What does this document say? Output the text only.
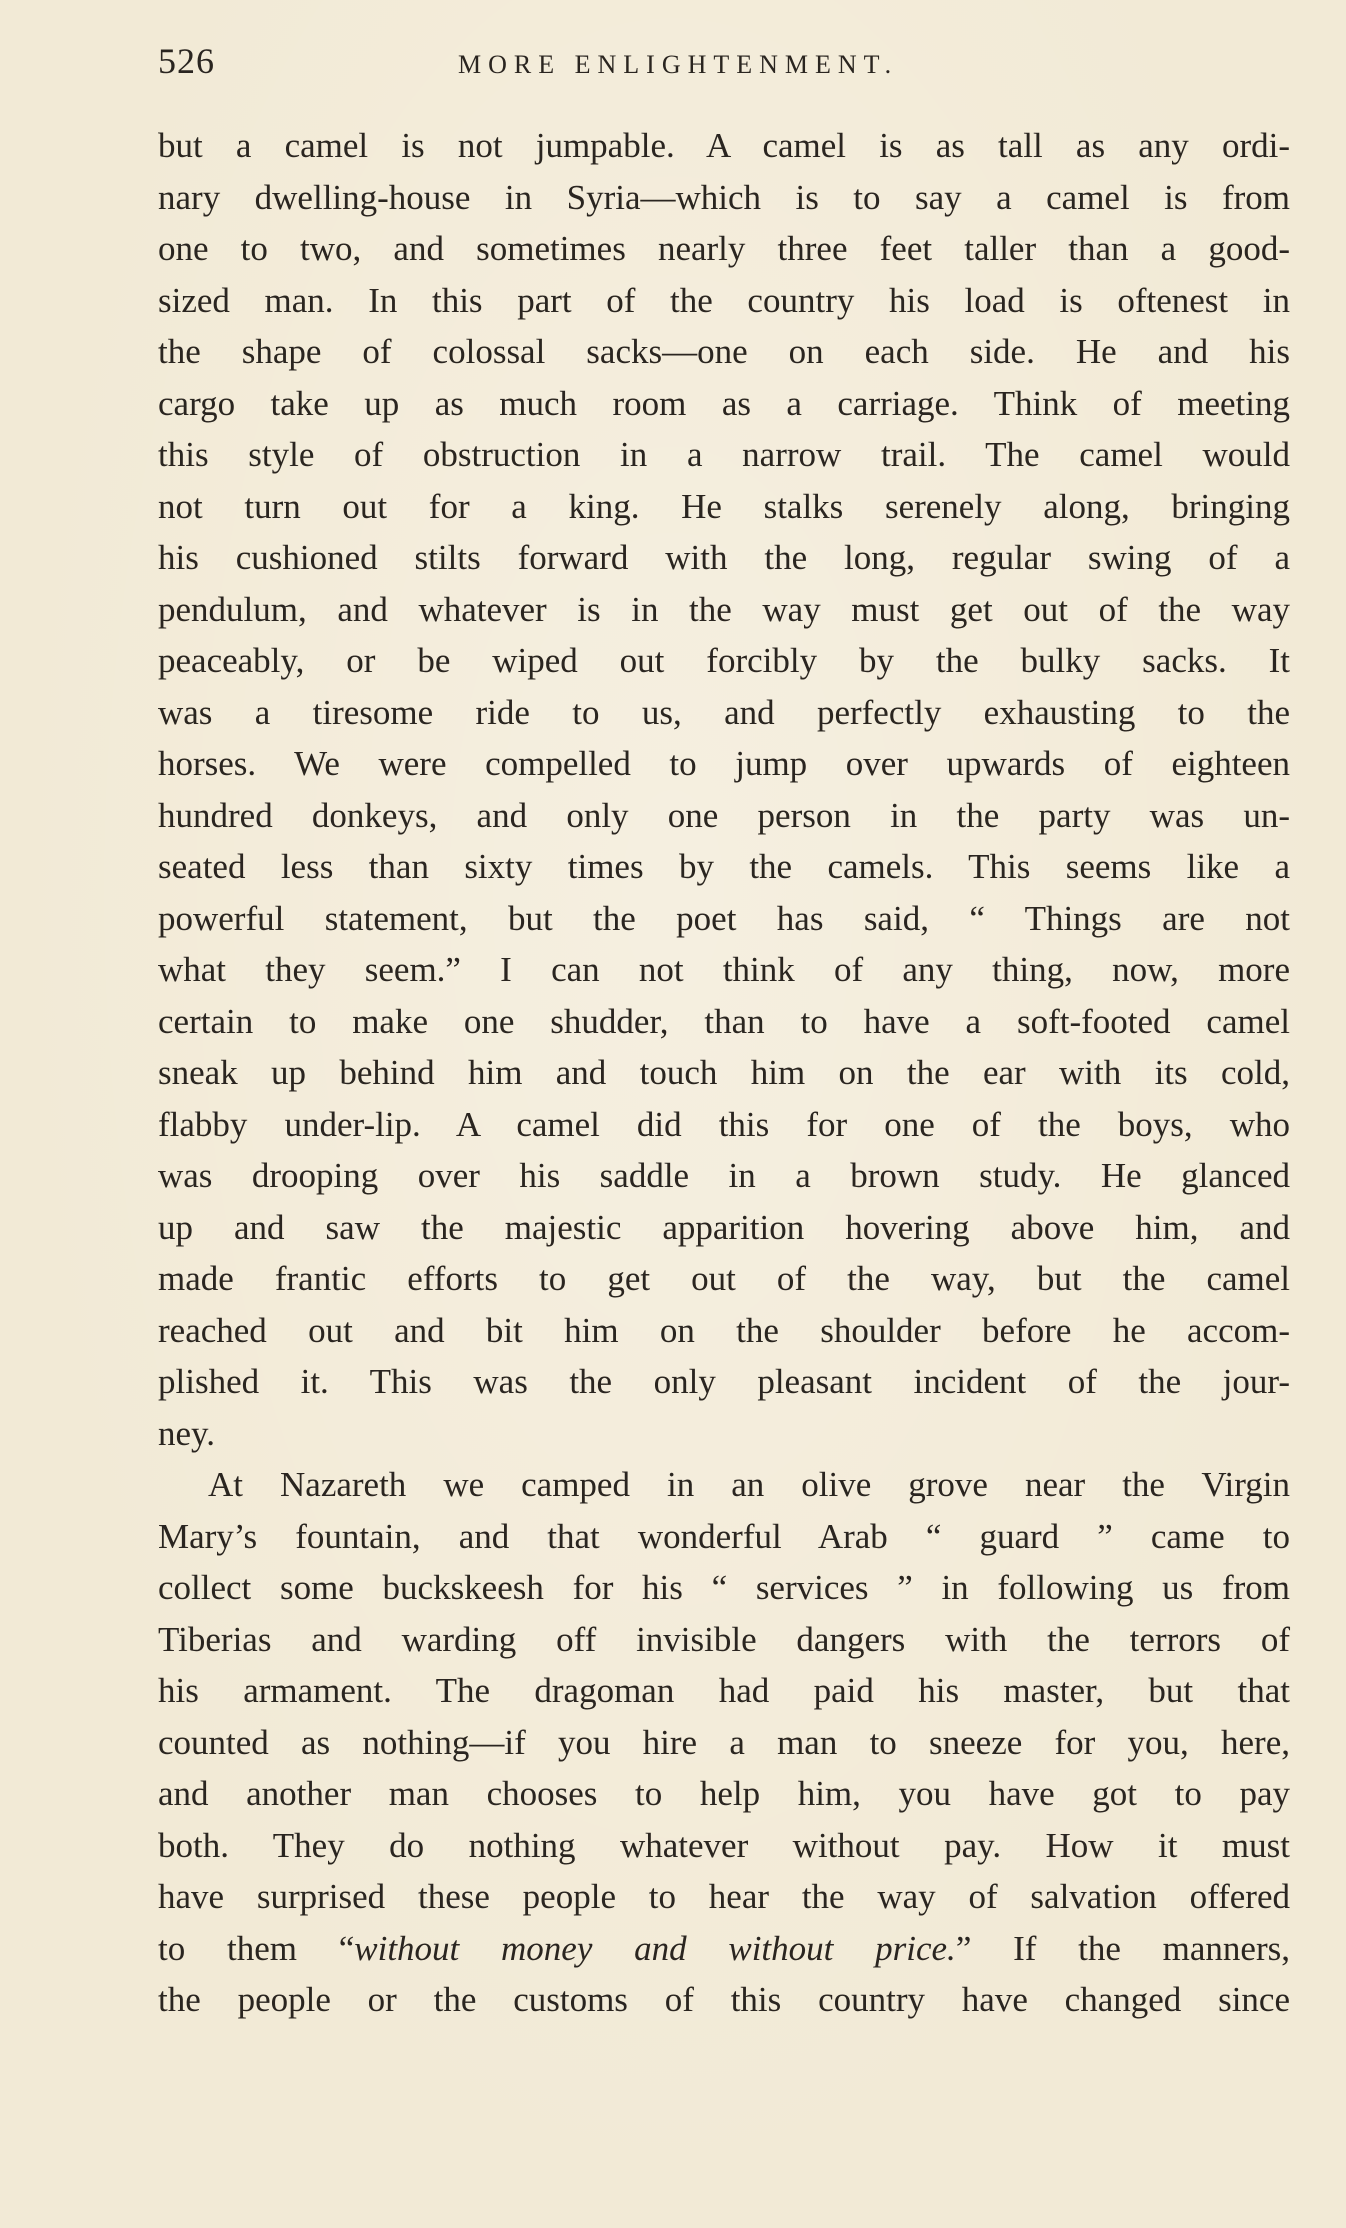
526	MORE ENLIGHTENMENT.
but a camel is not jumpable. A camel is as tall as any ordi-
nary dwelling-house in Syria—which is to say a camel is from
one to two, and sometimes nearly three feet taller than a good-
sized man. In this part of the country his load is oftenest in
the shape of colossal sacks—one on each side. He and his
cargo take up as much room as a carriage. Think of meeting
this style of obstruction in a narrow trail. The camel would
not turn out for a king. He stalks serenely along, bringing
his cushioned stilts forward with the long, regular swing of a
pendulum, and whatever is in the way must get out of the way
peaceably, or be wiped out forcibly by the bulky sacks. It
was a tiresome ride to us, and perfectly exhausting to the
horses. We were compelled to jump over upwards of eighteen
hundred donkeys, and only one person in the party was un-
seated less than sixty times by the camels. This seems like a
powerful statement, but the poet has said, “ Things are not
what they seem.” I can not think of any thing, now, more
certain to make one shudder, than to have a soft-footed camel
sneak up behind him and touch him on the ear with its cold,
flabby under-lip. A camel did this for one of the boys, who
was drooping over his saddle in a brown study. He glanced
up and saw the majestic apparition hovering above him, and
made frantic efforts to get out of the way, but the camel
reached out and bit him on the shoulder before he accom-
plished it. This was the only pleasant incident of the jour-
ney.
At Nazareth we camped in an olive grove near the Virgin
Mary’s fountain, and that wonderful Arab “ guard ” came to
collect some buckskeesh for his “ services ” in following us from
Tiberias and warding off invisible dangers with the terrors of
his armament. The dragoman had paid his master, but that
counted as nothing—if you hire a man to sneeze for you, here,
and another man chooses to help him, you have got to pay
both. They do nothing whatever without pay. How it must
have surprised these people to hear the way of salvation offered
to them “without money and without price.” If the manners,
the people or the customs of this country have changed since
